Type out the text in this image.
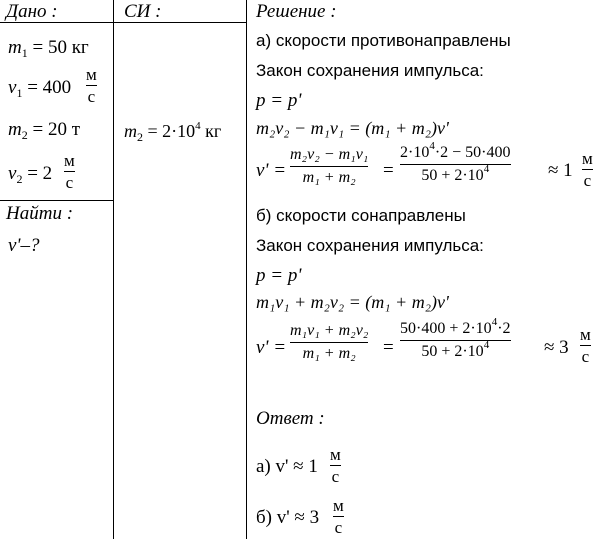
Дано :
$m_1 = 50$ кг
$v_1 = 400$
м
с
$m_2 = 20$ т
$v_2 = 2$
м
с
Найти :
v'–?
СИ :
$m_2 = 2\cdot 10^4$ кг
Решение :
а) скорости противонаправлены
Закон сохранения импульса:
p = p'
m₂v₂ − m₁v₁ = (m₁ + m₂)v'
v' =
m₂v₂ − m₁v₁
m₁ + m₂ =
$2\cdot 10^4\cdot 2 - 50\cdot 400$
$50 + 2\cdot 10^4$	≈ 1
м
с
б) скорости сонаправлены
Закон сохранения импульса:
p = p'
m₁v₁ + m₂v₂ = (m₁ + m₂)v'
v' =
m₁v₁ + m₂v₂
m₁ + m₂ =
$50\cdot 400 + 2\cdot 10^4\cdot 2$
$50 + 2\cdot 10^4$	≈ 3
м
с
Ответ :
а) v' ≈ 1
м
с
б) v' ≈ 3
м
с
